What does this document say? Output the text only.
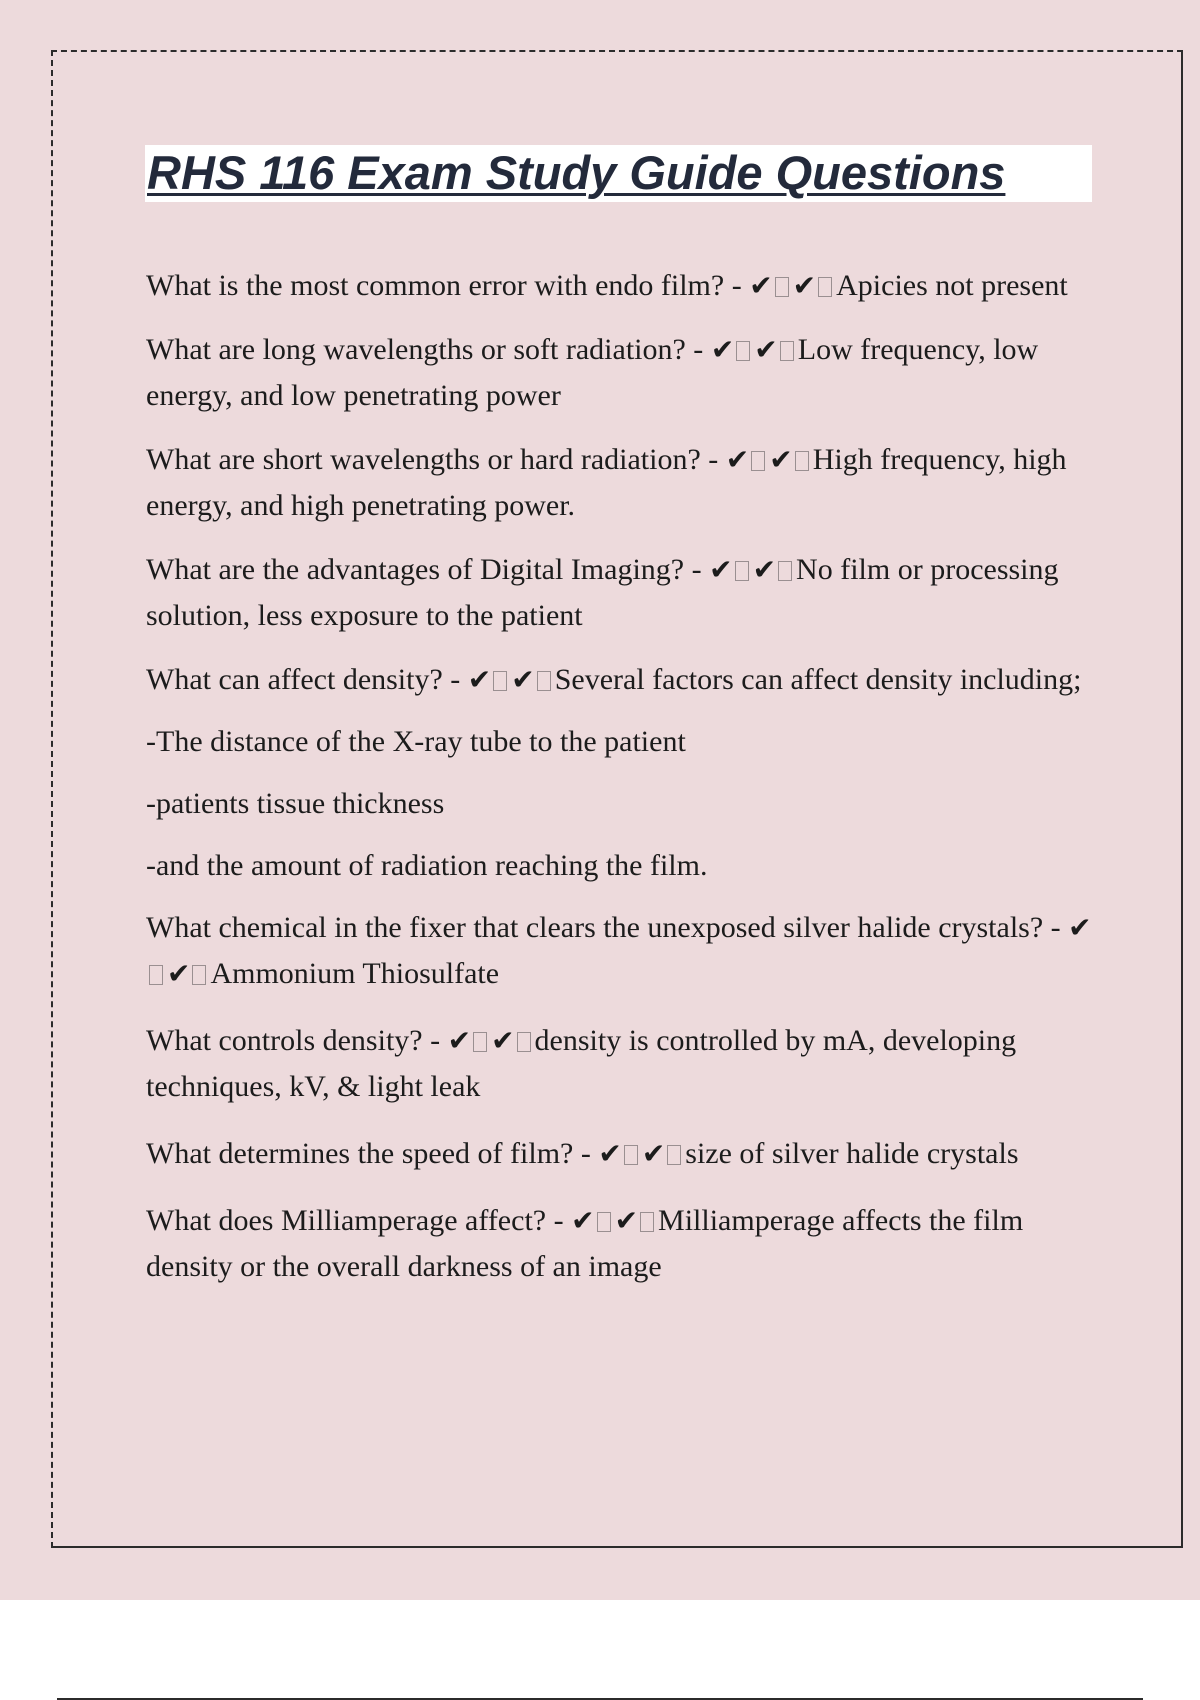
RHS 116 Exam Study Guide Questions

What is the most common error with endo film? - ✔ ✔ Apicies not present

What are long wavelengths or soft radiation? - ✔ ✔ Low frequency, low energy, and low penetrating power

What are short wavelengths or hard radiation? - ✔ ✔ High frequency, high energy, and high penetrating power.

What are the advantages of Digital Imaging? - ✔ ✔ No film or processing solution, less exposure to the patient

What can affect density? - ✔ ✔ Several factors can affect density including;

-The distance of the X-ray tube to the patient

-patients tissue thickness

-and the amount of radiation reaching the film.

What chemical in the fixer that clears the unexposed silver halide crystals? - ✔✔ Ammonium Thiosulfate

What controls density? - ✔ ✔ density is controlled by mA, developing techniques, kV, & light leak

What determines the speed of film? - ✔ ✔ size of silver halide crystals

What does Milliamperage affect? - ✔ ✔ Milliamperage affects the film density or the overall darkness of an image
